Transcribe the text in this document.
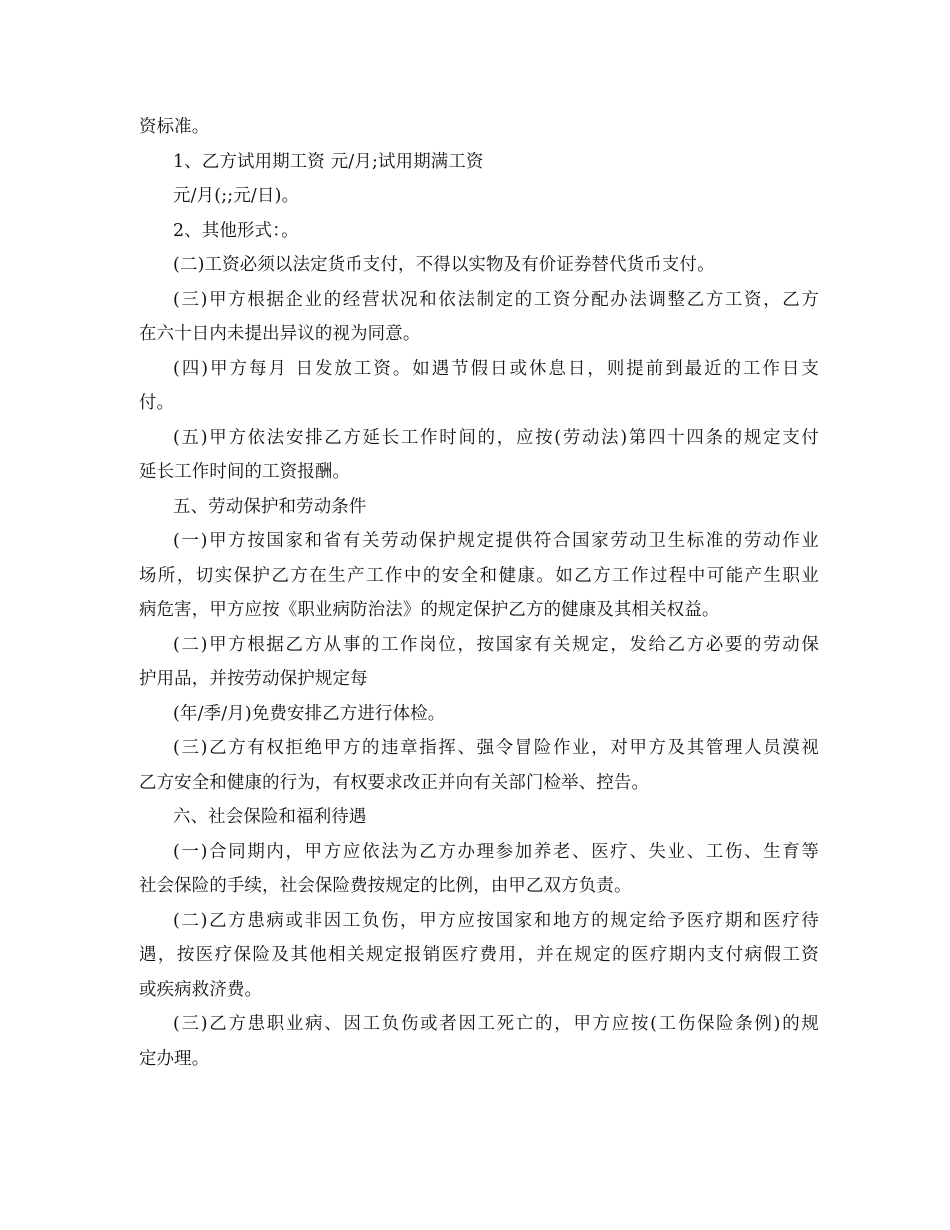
资标准。
1、乙方试用期工资 元/月;试用期满工资
元/月(;;元/日)。
2、其他形式：。
(二)工资必须以法定货币支付，不得以实物及有价证券替代货币支付。
(三)甲方根据企业的经营状况和依法制定的工资分配办法调整乙方工资，乙方
在六十日内未提出异议的视为同意。
(四)甲方每月 日发放工资。如遇节假日或休息日，则提前到最近的工作日支
付。
(五)甲方依法安排乙方延长工作时间的，应按(劳动法)第四十四条的规定支付
延长工作时间的工资报酬。
五、劳动保护和劳动条件
(一)甲方按国家和省有关劳动保护规定提供符合国家劳动卫生标准的劳动作业
场所，切实保护乙方在生产工作中的安全和健康。如乙方工作过程中可能产生职业
病危害，甲方应按《职业病防治法》的规定保护乙方的健康及其相关权益。
(二)甲方根据乙方从事的工作岗位，按国家有关规定，发给乙方必要的劳动保
护用品，并按劳动保护规定每
(年/季/月)免费安排乙方进行体检。
(三)乙方有权拒绝甲方的违章指挥、强令冒险作业，对甲方及其管理人员漠视
乙方安全和健康的行为，有权要求改正并向有关部门检举、控告。
六、社会保险和福利待遇
(一)合同期内，甲方应依法为乙方办理参加养老、医疗、失业、工伤、生育等
社会保险的手续，社会保险费按规定的比例，由甲乙双方负责。
(二)乙方患病或非因工负伤，甲方应按国家和地方的规定给予医疗期和医疗待
遇，按医疗保险及其他相关规定报销医疗费用，并在规定的医疗期内支付病假工资
或疾病救济费。
(三)乙方患职业病、因工负伤或者因工死亡的，甲方应按(工伤保险条例)的规
定办理。
